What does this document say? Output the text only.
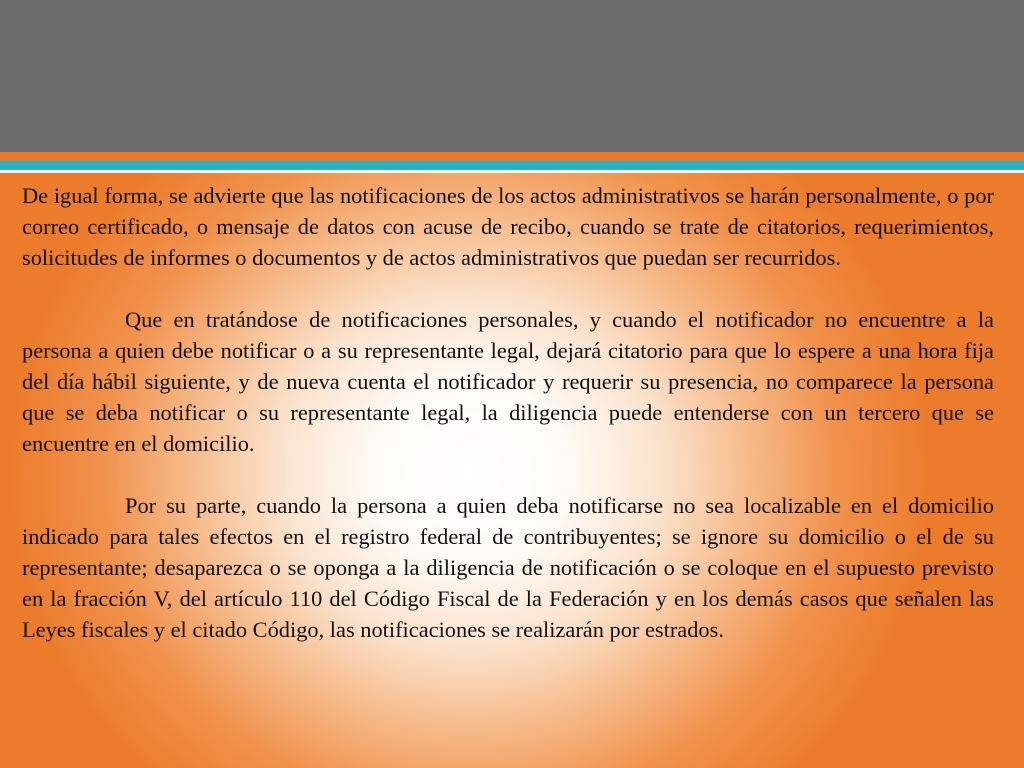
De igual forma, se advierte que las notificaciones de los actos administrativos se harán personalmente, o por correo certificado, o mensaje de datos con acuse de recibo, cuando se trate de citatorios, requerimientos, solicitudes de informes o documentos y de actos administrativos que puedan ser recurridos.

Que en tratándose de notificaciones personales, y cuando el notificador no encuentre a la persona a quien debe notificar o a su representante legal, dejará citatorio para que lo espere a una hora fija del día hábil siguiente, y de nueva cuenta el notificador y requerir su presencia, no comparece la persona que se deba notificar o su representante legal, la diligencia puede entenderse con un tercero que se encuentre en el domicilio.

Por su parte, cuando la persona a quien deba notificarse no sea localizable en el domicilio indicado para tales efectos en el registro federal de contribuyentes; se ignore su domicilio o el de su representante; desaparezca o se oponga a la diligencia de notificación o se coloque en el supuesto previsto en la fracción V, del artículo 110 del Código Fiscal de la Federación y en los demás casos que señalen las Leyes fiscales y el citado Código, las notificaciones se realizarán por estrados.
